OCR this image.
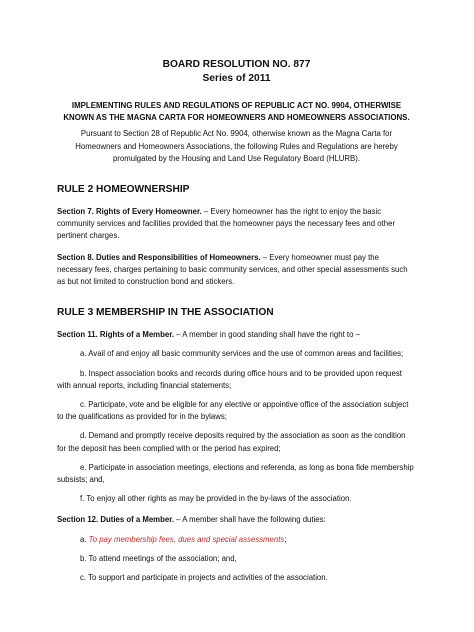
BOARD RESOLUTION NO. 877
Series of 2011
IMPLEMENTING RULES AND REGULATIONS OF REPUBLIC ACT NO. 9904, OTHERWISE KNOWN AS THE MAGNA CARTA FOR HOMEOWNERS AND HOMEOWNERS ASSOCIATIONS.
Pursuant to Section 28 of Republic Act No. 9904, otherwise known as the Magna Carta for Homeowners and Homeowners Associations, the following Rules and Regulations are hereby promulgated by the Housing and Land Use Regulatory Board (HLURB).
RULE 2 HOMEOWNERSHIP
Section 7. Rights of Every Homeowner. – Every homeowner has the right to enjoy the basic community services and facilities provided that the homeowner pays the necessary fees and other pertinent charges.
Section 8. Duties and Responsibilities of Homeowners. – Every homeowner must pay the necessary fees, charges pertaining to basic community services, and other special assessments such as but not limited to construction bond and stickers.
RULE 3 MEMBERSHIP IN THE ASSOCIATION
Section 11. Rights of a Member. – A member in good standing shall have the right to –
a. Avail of and enjoy all basic community services and the use of common areas and facilities;
b. Inspect association books and records during office hours and to be provided upon request
with annual reports, including financial statements;
c. Participate, vote and be eligible for any elective or appointive office of the association subject
to the qualifications as provided for in the bylaws;
d. Demand and promptly receive deposits required by the association as soon as the condition
for the deposit has been complied with or the period has expired;
e. Participate in association meetings, elections and referenda, as long as bona fide membership
subsists; and,
f. To enjoy all other rights as may be provided in the by-laws of the association.
Section 12. Duties of a Member. – A member shall have the following duties:
a. To pay membership fees, dues and special assessments;
b. To attend meetings of the association; and,
c. To support and participate in projects and activities of the association.
